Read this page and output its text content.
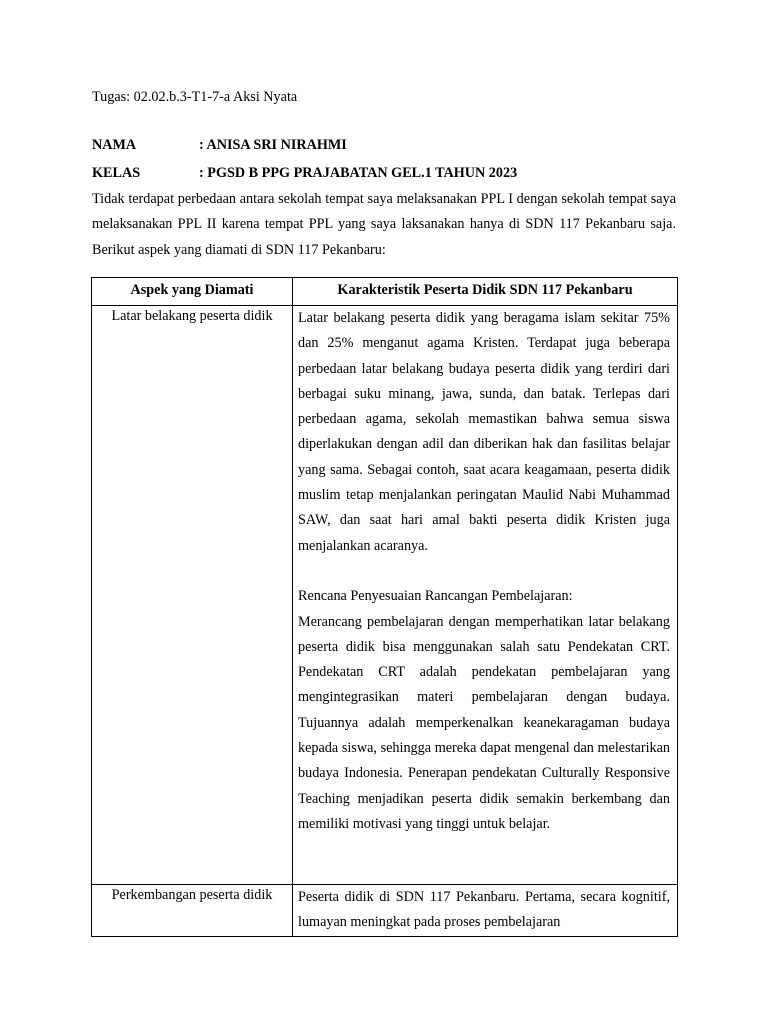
Tugas: 02.02.b.3-T1-7-a Aksi Nyata
NAMA	: ANISA SRI NIRAHMI
KELAS	: PGSD B PPG PRAJABATAN GEL.1 TAHUN 2023

Tidak terdapat perbedaan antara sekolah tempat saya melaksanakan PPL I dengan sekolah tempat saya melaksanakan PPL II karena tempat PPL yang saya laksanakan hanya di SDN 117 Pekanbaru saja. Berikut aspek yang diamati di SDN 117 Pekanbaru:

Aspek yang Diamati	Karakteristik Peserta Didik SDN 117 Pekanbaru
Latar belakang peserta didik	Latar belakang peserta didik yang beragama islam sekitar 75% dan 25% menganut agama Kristen. Terdapat juga beberapa perbedaan latar belakang budaya peserta didik yang terdiri dari berbagai suku minang, jawa, sunda, dan batak. Terlepas dari perbedaan agama, sekolah memastikan bahwa semua siswa diperlakukan dengan adil dan diberikan hak dan fasilitas belajar yang sama. Sebagai contoh, saat acara keagamaan, peserta didik muslim tetap menjalankan peringatan Maulid Nabi Muhammad SAW, dan saat hari amal bakti peserta didik Kristen juga menjalankan acaranya.

Rencana Penyesuaian Rancangan Pembelajaran:

Merancang pembelajaran dengan memperhatikan latar belakang peserta didik bisa menggunakan salah satu Pendekatan CRT. Pendekatan CRT adalah pendekatan pembelajaran yang mengintegrasikan materi pembelajaran dengan budaya. Tujuannya adalah memperkenalkan keanekaragaman budaya kepada siswa, sehingga mereka dapat mengenal dan melestarikan budaya Indonesia. Penerapan pendekatan Culturally Responsive Teaching menjadikan peserta didik semakin berkembang dan memiliki motivasi yang tinggi untuk belajar.

Perkembangan peserta didik	Peserta didik di SDN 117 Pekanbaru. Pertama, secara kognitif, lumayan meningkat pada proses pembelajaran
